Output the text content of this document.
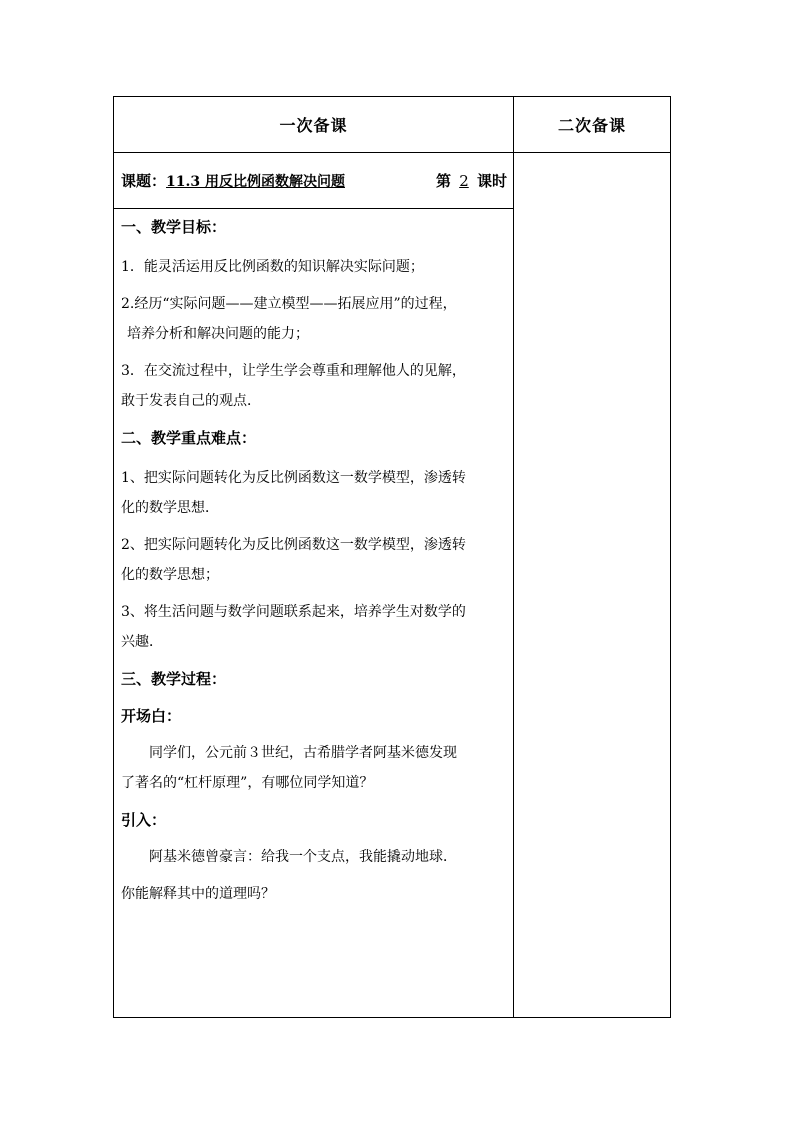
一次备课	二次备课
课题： 11.3 用反比例函数解决问题	第 2 课时
一、教学目标：
1．能灵活运用反比例函数的知识解决实际问题；
2.经历“实际问题——建立模型——拓展应用”的过程，
培养分析和解决问题的能力；
3．在交流过程中，让学生学会尊重和理解他人的见解，
敢于发表自己的观点．
二、教学重点难点：
1、把实际问题转化为反比例函数这一数学模型，渗透转
化的数学思想．
2、把实际问题转化为反比例函数这一数学模型，渗透转
化的数学思想；
3、将生活问题与数学问题联系起来，培养学生对数学的
兴趣．
三、教学过程：
开场白：
同学们，公元前３世纪，古希腊学者阿基米德发现
了著名的“杠杆原理”，有哪位同学知道？
引入：
阿基米德曾豪言：给我一个支点，我能撬动地球．
你能解释其中的道理吗？
